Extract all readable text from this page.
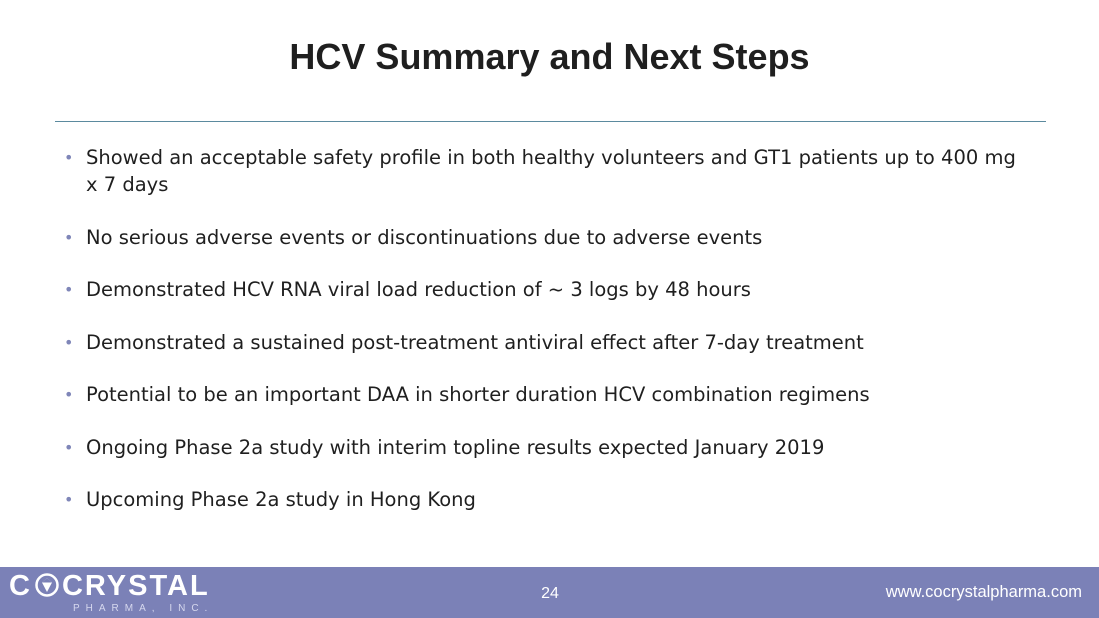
HCV Summary and Next Steps
• Showed an acceptable safety profile in both healthy volunteers and GT1 patients up to 400 mg x 7 days
• No serious adverse events or discontinuations due to adverse events
• Demonstrated HCV RNA viral load reduction of ~ 3 logs by 48 hours
• Demonstrated a sustained post-treatment antiviral effect after 7-day treatment
• Potential to be an important DAA in shorter duration HCV combination regimens
• Ongoing Phase 2a study with interim topline results expected January 2019
• Upcoming Phase 2a study in Hong Kong
C CRYSTAL
PHARMA, INC.
24	www.cocrystalpharma.com
